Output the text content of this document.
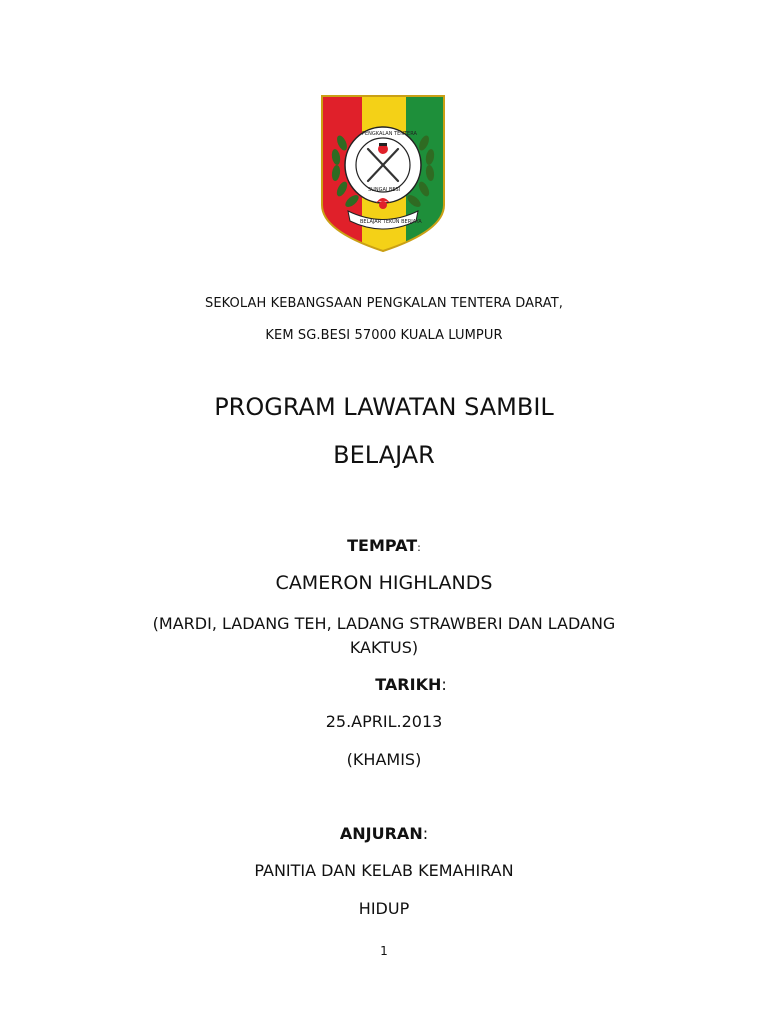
PENGKALAN TENTERA
SUNGAI BESI
BELAJAR TEKUN BERJAYA
SEKOLAH KEBANGSAAN PENGKALAN TENTERA DARAT,
KEM SG.BESI 57000 KUALA LUMPUR
PROGRAM LAWATAN SAMBIL
BELAJAR
TEMPAT:
CAMERON HIGHLANDS
(MARDI, LADANG TEH, LADANG STRAWBERI DAN LADANG
KAKTUS)
TARIKH:
25.APRIL.2013
(KHAMIS)
ANJURAN:
PANITIA DAN KELAB KEMAHIRAN
HIDUP
1
